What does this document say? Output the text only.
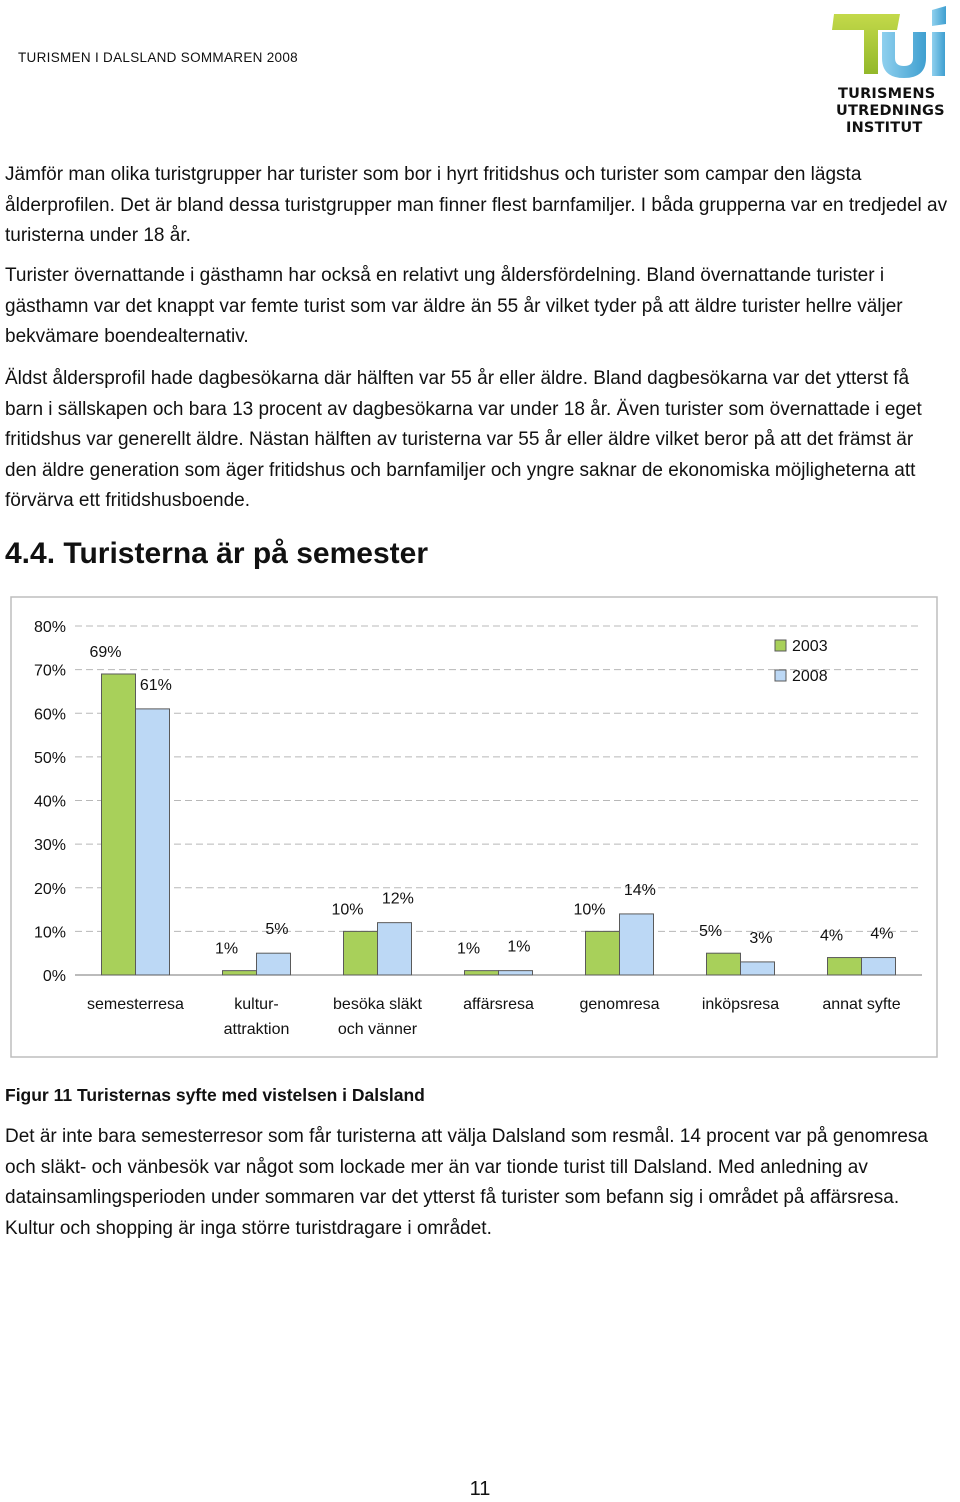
TURISMEN I DALSLAND SOMMAREN 2008
TURISMENS
UTREDNINGS
INSTITUT
Jämför man olika turistgrupper har turister som bor i hyrt fritidshus och turister som campar den lägsta ålderprofilen. Det är bland dessa turistgrupper man finner flest barnfamiljer. I båda grupperna var en tredjedel av turisterna under 18 år.
Turister övernattande i gästhamn har också en relativt ung åldersfördelning. Bland övernattande turister i gästhamn var det knappt var femte turist som var äldre än 55 år vilket tyder på att äldre turister hellre väljer bekvämare boendealternativ.
Äldst åldersprofil hade dagbesökarna där hälften var 55 år eller äldre. Bland dagbesökarna var det ytterst få barn i sällskapen och bara 13 procent av dagbesökarna var under 18 år. Även turister som övernattade i eget fritidshus var generellt äldre. Nästan hälften av turisterna var 55 år eller äldre vilket beror på att det främst är den äldre generation som äger fritidshus och barnfamiljer och yngre saknar de ekonomiska möjligheterna att förvärva ett fritidshusboende.
4.4. Turisterna är på semester
0%
10%
20%
30%
40%
50%
60%
70%
80%
69%
61%
1%
5%
10%
12%
1% 1%
10%
14%
5% 3%	4% 4%
semesterresa	kultur-
attraktion
besöka släkt
och vänner
affärsresa	genomresa	inköpsresa	annat syfte
2003
2008
Figur 11 Turisternas syfte med vistelsen i Dalsland
Det är inte bara semesterresor som får turisterna att välja Dalsland som resmål. 14 procent var på genomresa och släkt- och vänbesök var något som lockade mer än var tionde turist till Dalsland. Med anledning av datainsamlingsperioden under sommaren var det ytterst få turister som befann sig i området på affärsresa. Kultur och shopping är inga större turistdragare i området.
11
